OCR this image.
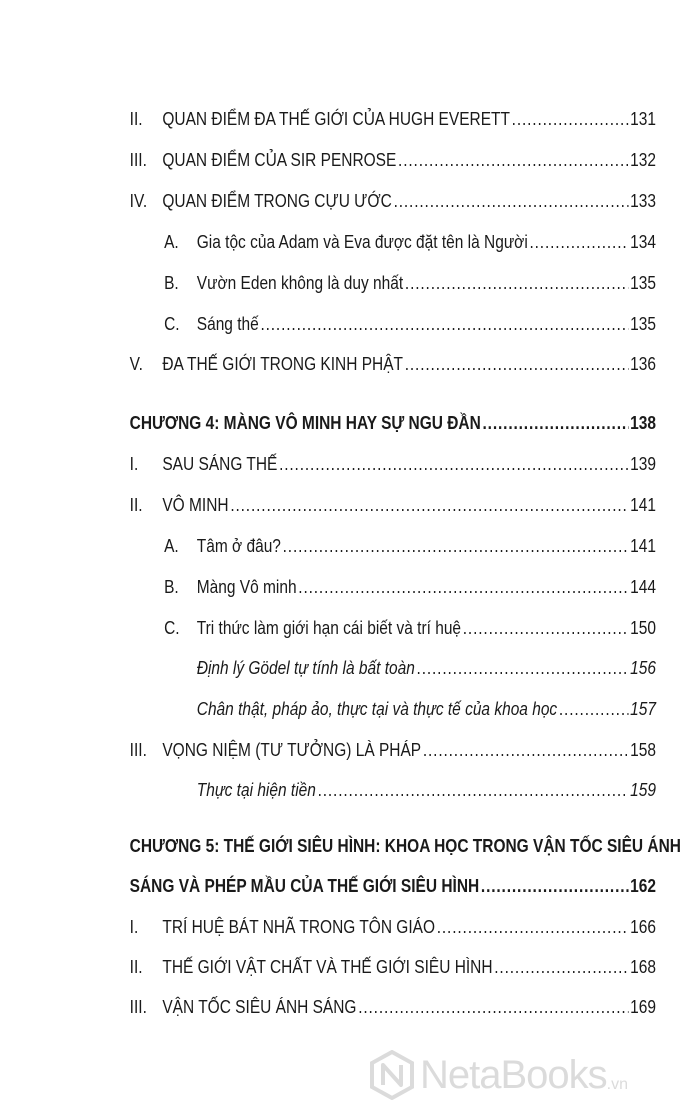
II.	QUAN ĐIỂM ĐA THẾ GIỚI CỦA HUGH EVERETT .....	131
III. QUAN ĐIỂM CỦA SIR PENROSE .....	132
IV. QUAN ĐIỂM TRONG CỰU ƯỚC .....	133
A.	Gia tộc của Adam và Eva được đặt tên là Người .....	134
B.	Vườn Eden không là duy nhất .....	135
C. Sáng thế .....	135
V.	ĐA THẾ GIỚI TRONG KINH PHẬT .....	136
CHƯƠNG 4: MÀNG VÔ MINH HAY SỰ NGU ĐẦN .....	138
I.	SAU SÁNG THẾ .....	139
II.	VÔ MINH .....	141
A.	Tâm ở đâu? .....	141
B.	Màng Vô minh .....	144
C. Tri thức làm giới hạn cái biết và trí huệ .....	150
Định lý Gödel tự tính là bất toàn .....	156
Chân thật, pháp ảo, thực tại và thực tế của khoa học .....	157
III. VỌNG NIỆM (TƯ TƯỞNG) LÀ PHÁP .....	158
Thực tại hiện tiền .....	159
CHƯƠNG 5: THẾ GIỚI SIÊU HÌNH: KHOA HỌC TRONG VẬN TỐC SIÊU ÁNH
SÁNG VÀ PHÉP MẦU CỦA THẾ GIỚI SIÊU HÌNH .....	162
I.	TRÍ HUỆ BÁT NHÃ TRONG TÔN GIÁO .....	166
II.	THẾ GIỚI VẬT CHẤT VÀ THẾ GIỚI SIÊU HÌNH .....	168
III. VẬN TỐC SIÊU ÁNH SÁNG .....	169
NetaBooks .vn
